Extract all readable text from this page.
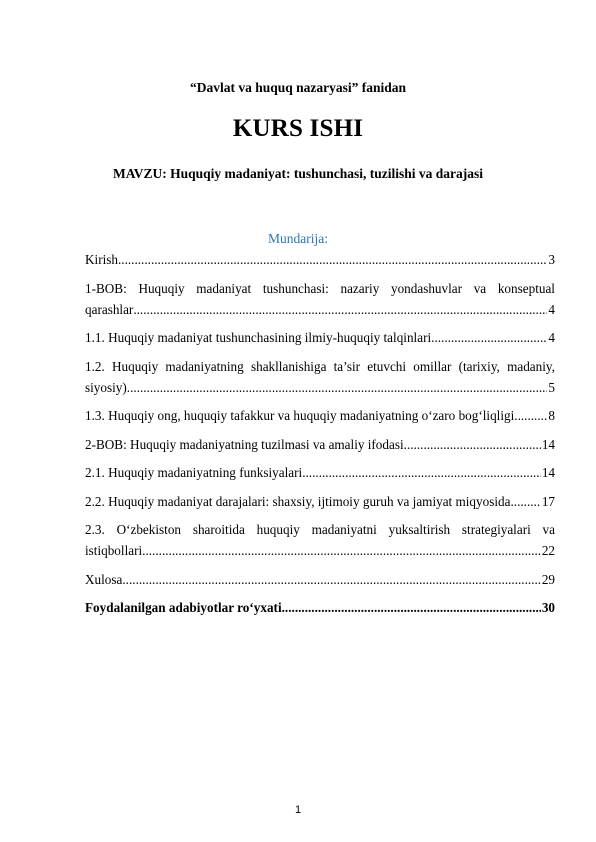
“Davlat va huquq nazaryasi” fanidan
KURS ISHI
MAVZU: Huquqiy madaniyat: tushunchasi, tuzilishi va darajasi
Mundarija:
Kirish .....	3
1-BOB: Huquqiy madaniyat tushunchasi: nazariy yondashuvlar va konseptual
qarashlar .....	4
1.1. Huquqiy madaniyat tushunchasining ilmiy-huquqiy talqinlari .....	4
1.2. Huquqiy madaniyatning shakllanishiga ta’sir etuvchi omillar (tarixiy, madaniy,
siyosiy) .....	5
1.3. Huquqiy ong, huquqiy tafakkur va huquqiy madaniyatning o‘zaro bog‘liqligi .....	8
2-BOB: Huquqiy madaniyatning tuzilmasi va amaliy ifodasi .....	14
2.1. Huquqiy madaniyatning funksiyalari .....	14
2.2. Huquqiy madaniyat darajalari: shaxsiy, ijtimoiy guruh va jamiyat miqyosida ..... 17
2.3. O‘zbekiston sharoitida huquqiy madaniyatni yuksaltirish strategiyalari va
istiqbollari .....	22
Xulosa .....	29
Foydalanilgan adabiyotlar ro‘yxati .....	30
1
